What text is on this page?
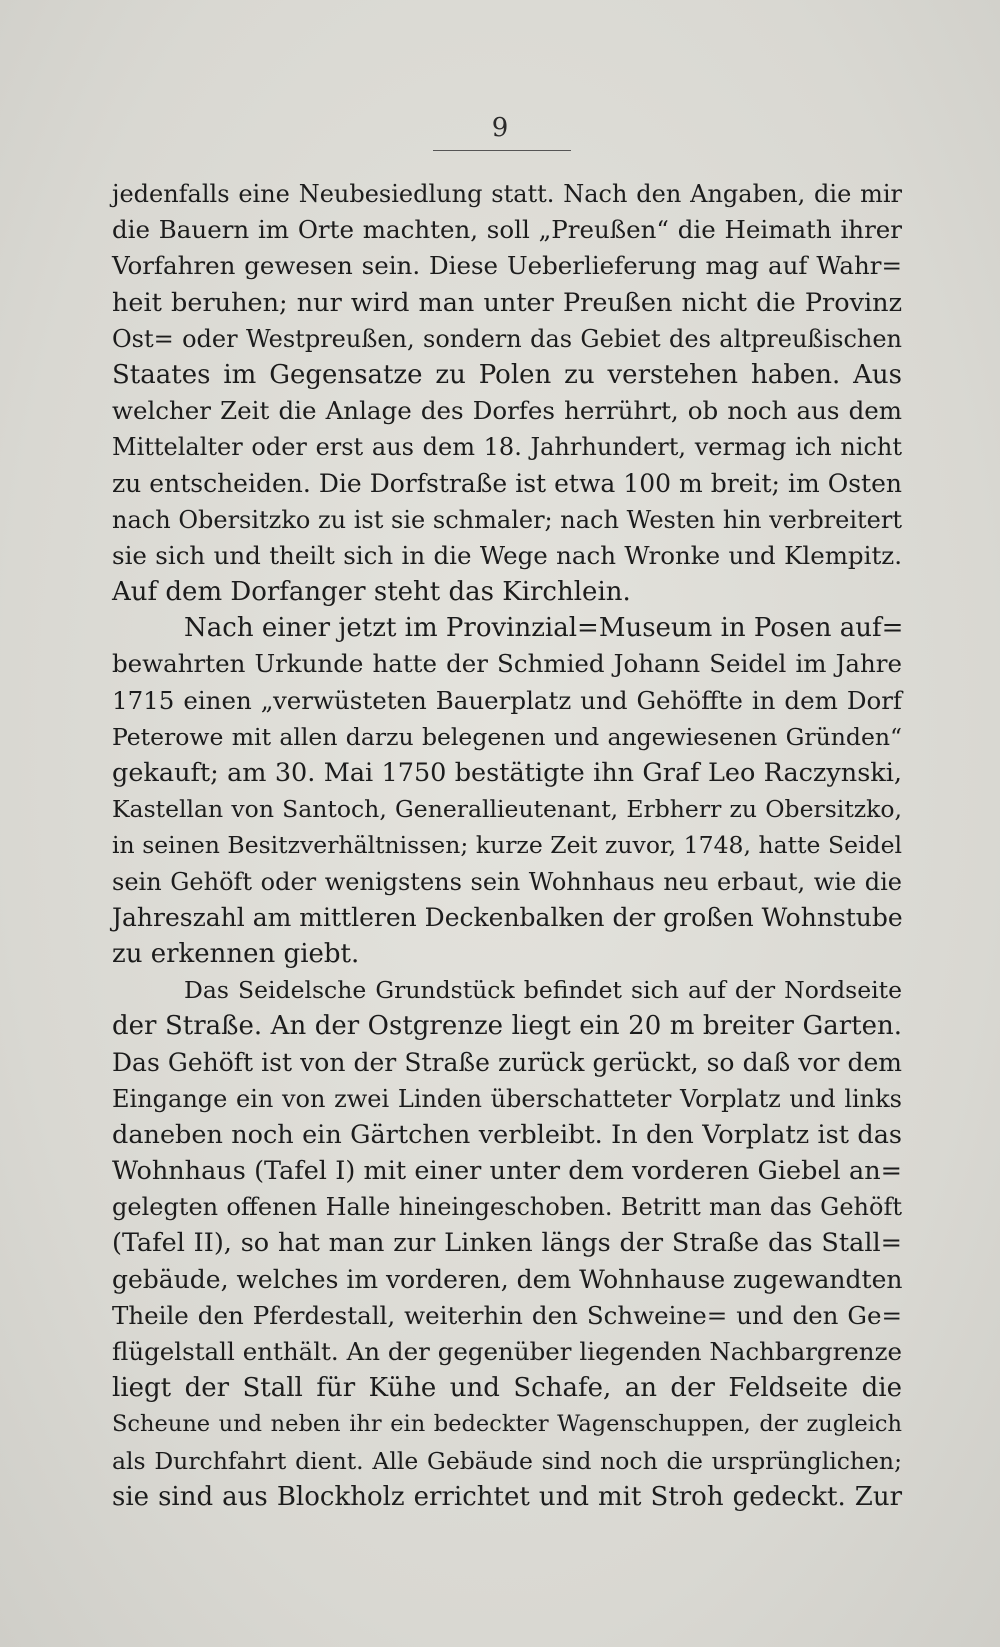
9
jedenfalls eine Neubesiedlung statt. Nach den Angaben, die mir
die Bauern im Orte machten, soll „Preußen“ die Heimath ihrer
Vorfahren gewesen sein. Diese Ueberlieferung mag auf Wahr=
heit beruhen; nur wird man unter Preußen nicht die Provinz
Ost= oder Westpreußen, sondern das Gebiet des altpreußischen
Staates im Gegensatze zu Polen zu verstehen haben. Aus
welcher Zeit die Anlage des Dorfes herrührt, ob noch aus dem
Mittelalter oder erst aus dem 18. Jahrhundert, vermag ich nicht
zu entscheiden. Die Dorfstraße ist etwa 100 m breit; im Osten
nach Obersitzko zu ist sie schmaler; nach Westen hin verbreitert
sie sich und theilt sich in die Wege nach Wronke und Klempitz.
Auf dem Dorfanger steht das Kirchlein.
Nach einer jetzt im Provinzial=Museum in Posen auf=
bewahrten Urkunde hatte der Schmied Johann Seidel im Jahre
1715 einen „verwüsteten Bauerplatz und Gehöffte in dem Dorf
Peterowe mit allen darzu belegenen und angewiesenen Gründen“
gekauft; am 30. Mai 1750 bestätigte ihn Graf Leo Raczynski,
Kastellan von Santoch, Generallieutenant, Erbherr zu Obersitzko,
in seinen Besitzverhältnissen; kurze Zeit zuvor, 1748, hatte Seidel
sein Gehöft oder wenigstens sein Wohnhaus neu erbaut, wie die
Jahreszahl am mittleren Deckenbalken der großen Wohnstube
zu erkennen giebt.
Das Seidelsche Grundstück befindet sich auf der Nordseite
der Straße. An der Ostgrenze liegt ein 20 m breiter Garten.
Das Gehöft ist von der Straße zurück gerückt, so daß vor dem
Eingange ein von zwei Linden überschatteter Vorplatz und links
daneben noch ein Gärtchen verbleibt. In den Vorplatz ist das
Wohnhaus (Tafel I) mit einer unter dem vorderen Giebel an=
gelegten offenen Halle hineingeschoben. Betritt man das Gehöft
(Tafel II), so hat man zur Linken längs der Straße das Stall=
gebäude, welches im vorderen, dem Wohnhause zugewandten
Theile den Pferdestall, weiterhin den Schweine= und den Ge=
flügelstall enthält. An der gegenüber liegenden Nachbargrenze
liegt der Stall für Kühe und Schafe, an der Feldseite die
Scheune und neben ihr ein bedeckter Wagenschuppen, der zugleich
als Durchfahrt dient. Alle Gebäude sind noch die ursprünglichen;
sie sind aus Blockholz errichtet und mit Stroh gedeckt. Zur
